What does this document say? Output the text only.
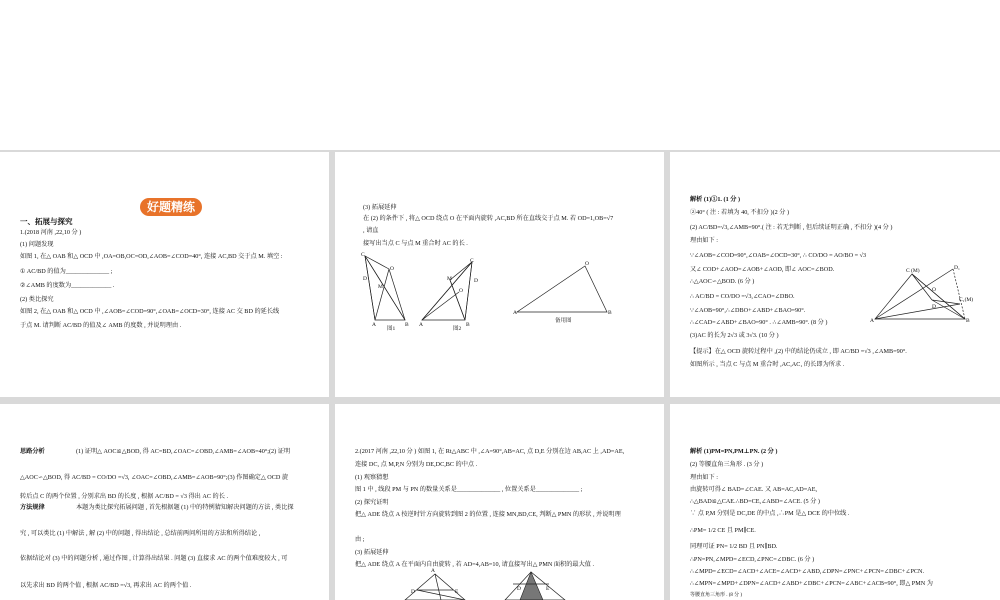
好题精练

一、拓展与探究

1.(2018 河南 ,22,10 分 )

(1) 问题发现

如图 1, 在△ OAB 和△ OCD 中 ,OA=OB,OC=OD,∠AOB=∠COD=40°, 连接 AC,BD 交于点 M. 填空 :

① AC/BD 的值为______________ ;

②∠AMB 的度数为_____________ .

(2) 类比探究

如图 2, 在△ OAB 和△ OCD 中 ,∠AOB=∠COD=90°,∠OAB=∠OCD=30°, 连接 AC 交 BD 的延长线

于点 M. 请判断 AC/BD 的值及∠ AMB 的度数 , 并说明理由 .

(3) 拓展延伸

在 (2) 的条件下 , 将△ OCD 绕点 O 在平面内旋转 ,AC,BD 所在直线交于点 M. 若 OD=1,OB=√7

, 请直

接写出当点 C 与点 M 重合时 AC 的长 .

C
O
D
A	B
M
C
M
O
A	B
D
A	B
O
图1	图2
备用图

解析 (1)①1. (1 分 )

②40° ( 注 : 若填为 40, 不扣分 )(2 分 )

(2) AC/BD=√3,∠AMB=90°.( 注 : 若无判断 , 但后续证明正确 , 不扣分 )(4 分 )

理由如下 :

∵∠AOB=∠COD=90°,∠OAB=∠OCD=30°, ∴ CO/DO = AO/BO = √3

又∠ COD+∠AOD=∠AOB+∠AOD, 即∠ AOC=∠BOD.

∴△AOC∽△BOD. (6 分 )

∴ AC/BD = CO/DO =√3,∠CAO=∠DBO.

∵∠AOB=90°,∴∠DBO+∠ABD+∠BAO=90°.

∴∠CAD=∠ABD+∠BAO=90° . ∴∠AMB=90°. (8 分 )

(3)AC 的长为 2√3 或 3√3. (10 分 )

【提示】在△ OCD 旋转过程中 ,(2) 中的结论仍成立 , 即 AC/BD =√3 ,∠AMB=90°.

如图所示 , 当点 C 与点 M 重合时 ,AC,AC₁ 的长即为所求 .

C (M)	D₁
O
D
C₁(M)
A	B

思路分析	(1) 证明△ AOC≌△BOD, 得 AC=BD,∠OAC=∠OBD,∠AMB=∠AOB=40°;(2) 证明

△AOC∽△BOD, 得 AC/BD = CO/DO =√3, ∠OAC=∠OBD,∠AMB=∠AOB=90°;(3) 作图确定△ OCD 旋

转后点 C 的两个位置 , 分别求出 BD 的长度 , 根据 AC/BD = √3 得出 AC 的长 .

方法规律	本题为类比探究拓展问题 , 首先根据题 (1) 中的特例猜知解决问题的方法 , 类比探

究 , 可以类比 (1) 中解法 , 解 (2) 中的问题 , 得出结论 , 总结前两问所用的方法和所得结论 ,

依据结论对 (3) 中的问题分析 , 通过作图 , 计算得出结果 . 问题 (3) 直接求 AC 的两个值难度较大 , 可

以先求出 BD 的两个值 , 根据 AC/BD =√3, 再求出 AC 的两个值 .

2.(2017 河南 ,22,10 分 ) 如图 1, 在 Rt△ABC 中 ,∠A=90°,AB=AC, 点 D,E 分别在边 AB,AC 上 ,AD=AE,

连接 DC, 点 M,P,N 分别为 DE,DC,BC 的中点 .

(1) 观察猜想

图 1 中 , 线段 PM 与 PN 的数量关系是______________ , 位置关系是______________ ;

(2) 探究证明

把△ ADE 绕点 A 按逆时针方向旋转到图 2 的位置 , 连接 MN,BD,CE, 判断△ PMN 的形状 , 并说明理

由 ;

(3) 拓展延伸

把△ ADE 绕点 A 在平面内自由旋转 , 若 AD=4,AB=10, 请直接写出△ PMN 面积的最大值 .

A
D	E	D	E

解析 (1)PM=PN,PM⊥PN. (2 分 )

(2) 等腰直角三角形 . (3 分 )

理由如下 :

由旋转可得∠ BAD=∠CAE. 又 AB=AC,AD=AE,

∴△BAD≌△CAE.∴BD=CE,∠ABD=∠ACE. (5 分 )

∵ 点 P,M 分别是 DC,DE 的中点 ,∴PM 是△ DCE 的中位线 .

∴PM= 1/2 CE 且 PM∥CE.

同理可证 PN= 1/2 BD 且 PN∥BD.

∴PN=PN,∠MPD=∠ECD,∠PNC=∠DBC. (6 分 )

∴∠MPD=∠ECD=∠ACD+∠ACE=∠ACD+∠ABD,∠DPN=∠PNC+∠PCN=∠DBC+∠PCN.

∴∠MPN=∠MPD+∠DPN=∠ACD+∠ABD+∠DBC+∠PCN=∠ABC+∠ACB=90°, 即△ PMN 为

等腰直角三角形 . (8 分 )
